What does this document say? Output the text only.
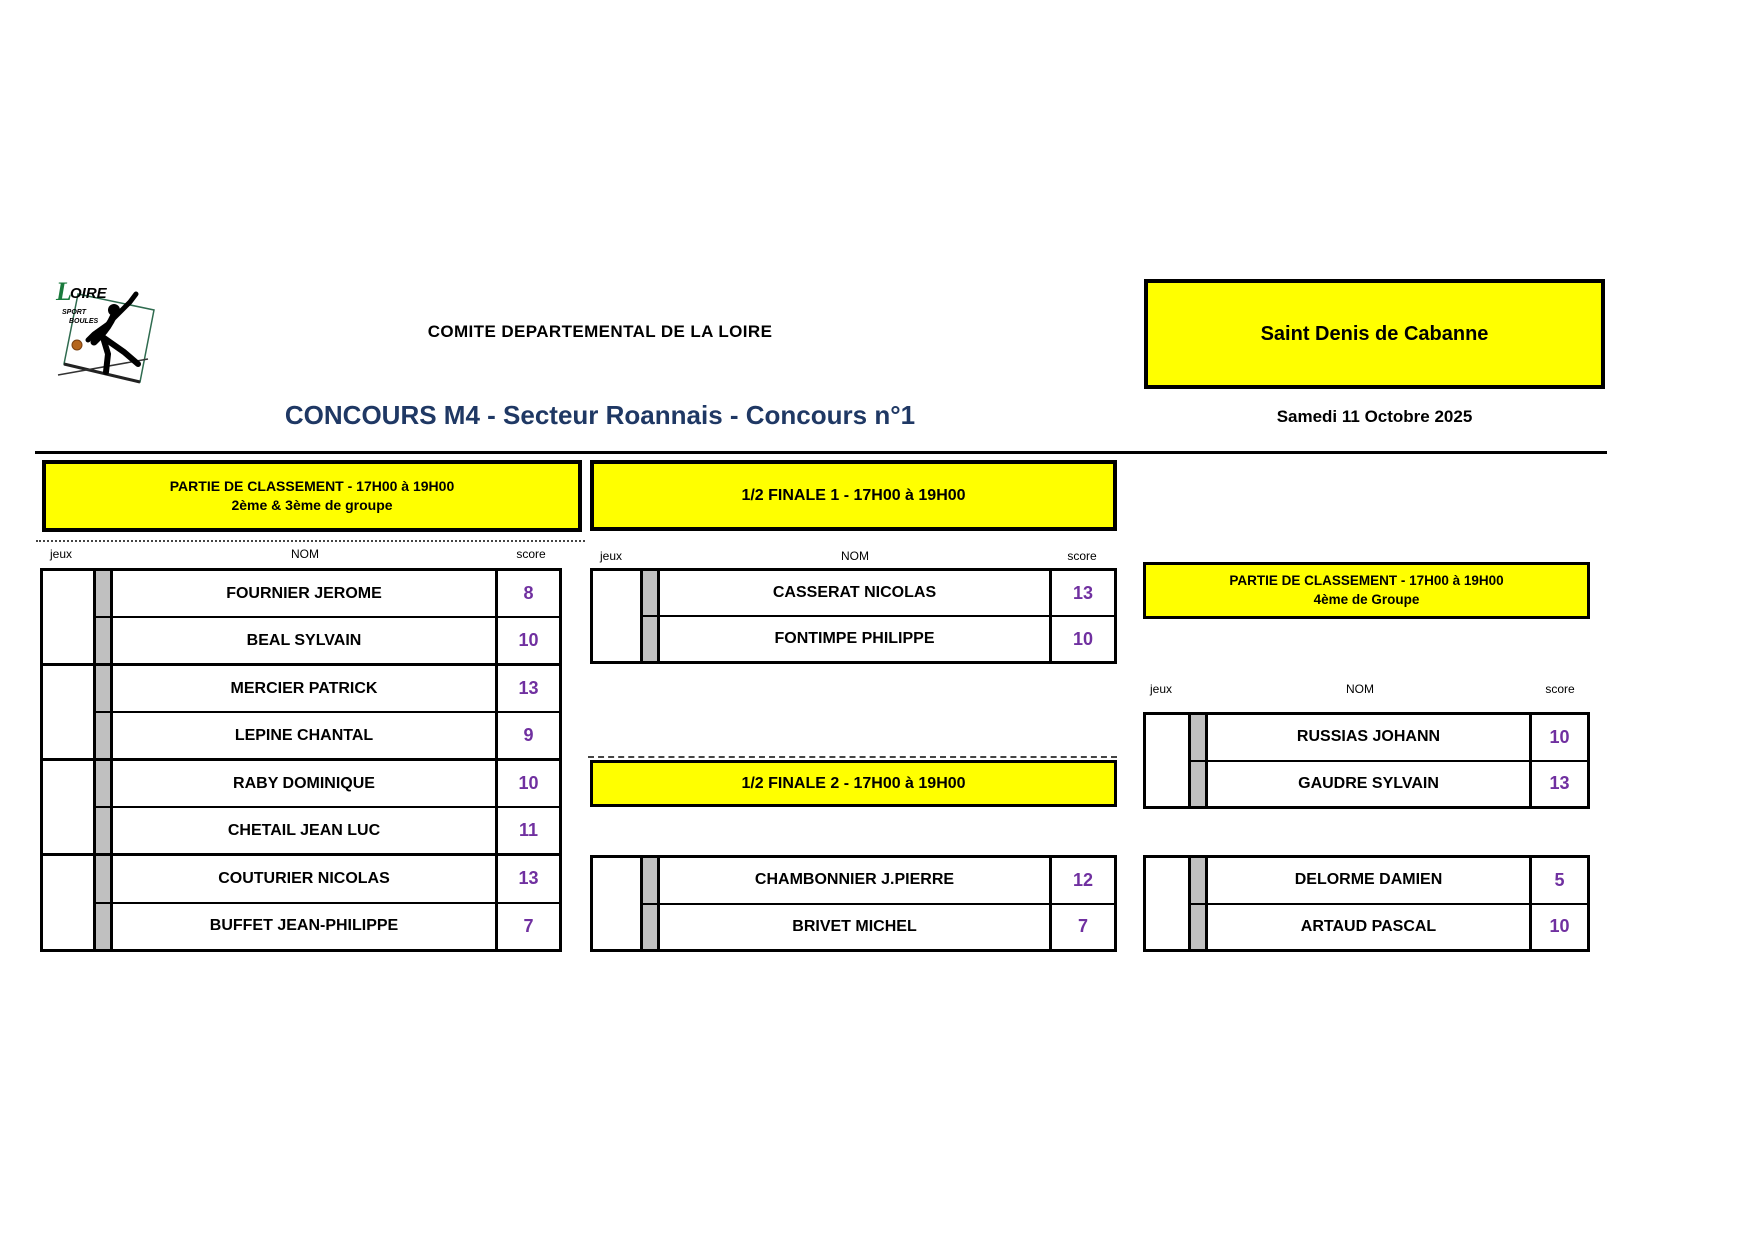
L
OIRE
SPORT
BOULES
COMITE DEPARTEMENTAL DE LA LOIRE	Saint Denis de Cabanne
CONCOURS M4 - Secteur Roannais - Concours n°1	Samedi 11 Octobre 2025
PARTIE DE CLASSEMENT - 17H00 à 19H00
2ème & 3ème de groupe
jeux	NOM	score
FOURNIER JEROME	8
BEAL SYLVAIN	10
MERCIER PATRICK	13
LEPINE CHANTAL	9
RABY DOMINIQUE	10
CHETAIL JEAN LUC	11
COUTURIER NICOLAS	13
BUFFET JEAN-PHILIPPE	7
1/2 FINALE 1 - 17H00 à 19H00
jeux	NOM	score
CASSERAT NICOLAS	13
FONTIMPE PHILIPPE	10
1/2 FINALE 2 - 17H00 à 19H00
CHAMBONNIER J.PIERRE	12
BRIVET MICHEL	7
PARTIE DE CLASSEMENT - 17H00 à 19H00
4ème de Groupe
jeux	NOM	score
RUSSIAS JOHANN	10
GAUDRE SYLVAIN	13
DELORME DAMIEN	5
ARTAUD PASCAL	10
